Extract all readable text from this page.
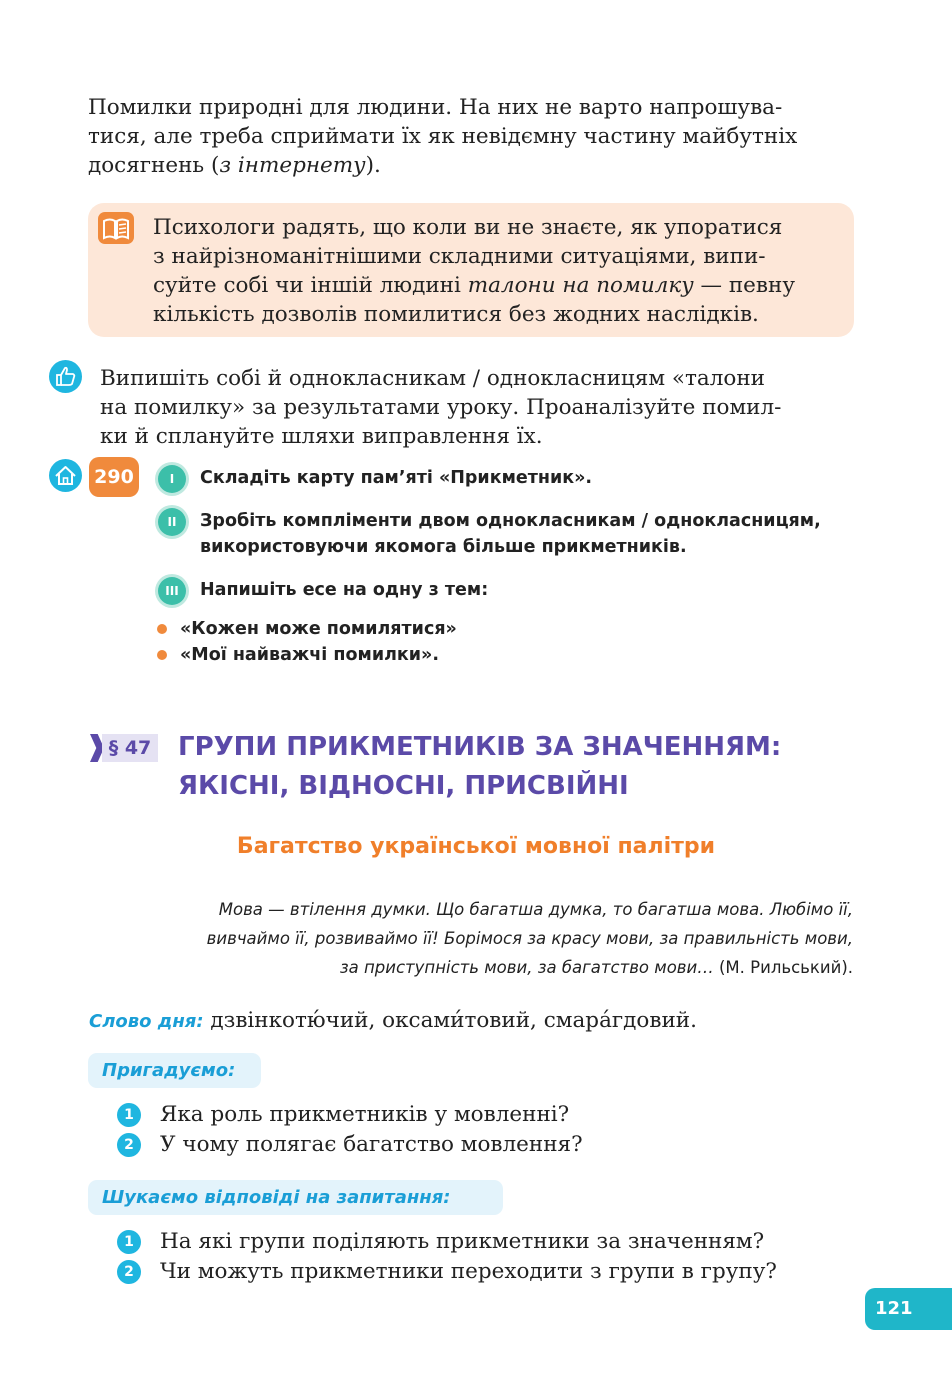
Помилки природні для людини. На них не варто напрошува-
тися, але треба сприймати їх як невідємну частину майбутніх
досягнень (з інтернету).
Психологи радять, що коли ви не знаєте, як упоратися
з найрізноманітнішими складними ситуаціями, випи-
суйте собі чи іншій людині талони на помилку — певну
кількість дозволів помилитися без жодних наслідків.
Випишіть собі й однокласникам / однокласницям «талони
на помилку» за результатами уроку. Проаналізуйте помил-
ки й сплануйте шляхи виправлення їх.
290	I	Складіть карту пам’яті «Прикметник».
II	Зробіть компліменти двом однокласникам / однокласницям,
використовуючи якомога більше прикметників.
III	Напишіть есе на одну з тем:
«Кожен може помилятися»
«Мої найважчі помилки».
§ 47 ГРУПИ ПРИКМЕТНИКІВ ЗА ЗНАЧЕННЯМ:
ЯКІСНІ, ВІДНОСНІ, ПРИСВІЙНІ
Багатство української мовної палітри
Мова — втілення думки. Що багатша думка, то багатша мова. Любімо її,
вивчаймо її, розвиваймо її! Борімося за красу мови, за правильність мови,
за приступність мови, за багатство мови… (М. Рильський).
Слово дня: дзвінкотю́чий, оксами́товий, смара́гдовий.
Пригадуємо:
1	Яка роль прикметників у мовленні?
2	У чому полягає багатство мовлення?
Шукаємо відповіді на запитання:
1	На які групи поділяють прикметники за значенням?
2	Чи можуть прикметники переходити з групи в групу?
121
